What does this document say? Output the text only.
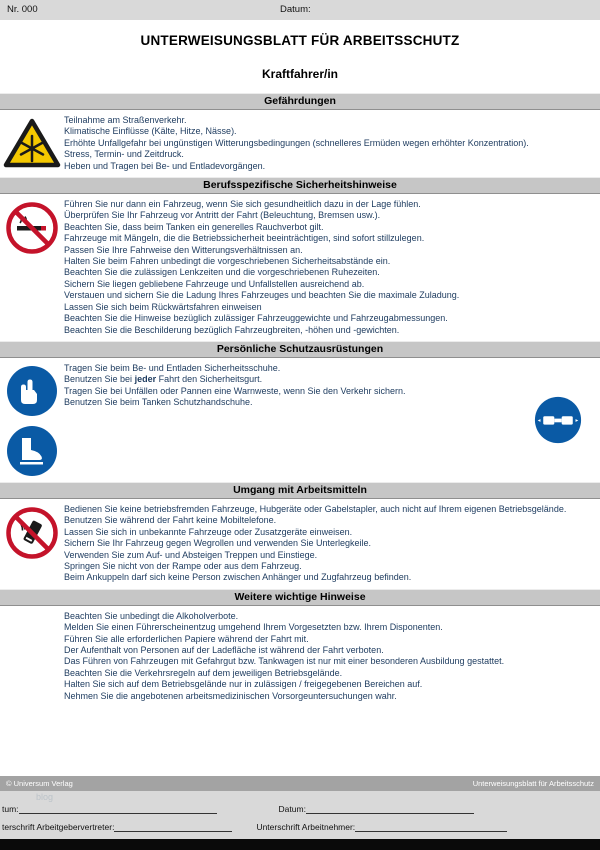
Nr. 000	Datum:
UNTERWEISUNGSBLATT FÜR ARBEITSSCHUTZ
Kraftfahrer/in
Gefährdungen
Teilnahme am Straßenverkehr.
Klimatische Einflüsse (Kälte, Hitze, Nässe).
Erhöhte Unfallgefahr bei ungünstigen Witterungsbedingungen (schnelleres Ermüden wegen erhöhter Konzentration).
Stress, Termin- und Zeitdruck.
Heben und Tragen bei Be- und Entladevorgängen.
Berufsspezifische Sicherheitshinweise
Führen Sie nur dann ein Fahrzeug, wenn Sie sich gesundheitlich dazu in der Lage fühlen.
Überprüfen Sie Ihr Fahrzeug vor Antritt der Fahrt (Beleuchtung, Bremsen usw.).
Beachten Sie, dass beim Tanken ein generelles Rauchverbot gilt.
Fahrzeuge mit Mängeln, die die Betriebssicherheit beeinträchtigen, sind sofort stillzulegen.
Passen Sie Ihre Fahrweise den Witterungsverhältnissen an.
Halten Sie beim Fahren unbedingt die vorgeschriebenen Sicherheitsabstände ein.
Beachten Sie die zulässigen Lenkzeiten und die vorgeschriebenen Ruhezeiten.
Sichern Sie liegen gebliebene Fahrzeuge und Unfallstellen ausreichend ab.
Verstauen und sichern Sie die Ladung Ihres Fahrzeuges und beachten Sie die maximale Zuladung.
Lassen Sie sich beim Rückwärtsfahren einweisen
Beachten Sie die Hinweise bezüglich zulässiger Fahrzeuggewichte und Fahrzeugabmessungen.
Beachten Sie die Beschilderung bezüglich Fahrzeugbreiten, -höhen und -gewichten.
Persönliche Schutzausrüstungen
Tragen Sie beim Be- und Entladen Sicherheitsschuhe.
Benutzen Sie bei jeder Fahrt den Sicherheitsgurt.
Tragen Sie bei Unfällen oder Pannen eine Warnweste, wenn Sie den Verkehr sichern.
Benutzen Sie beim Tanken Schutzhandschuhe.
Umgang mit Arbeitsmitteln
Bedienen Sie keine betriebsfremden Fahrzeuge, Hubgeräte oder Gabelstapler, auch nicht auf Ihrem eigenen Betriebsgelände.
Benutzen Sie während der Fahrt keine Mobiltelefone.
Lassen Sie sich in unbekannte Fahrzeuge oder Zusatzgeräte einweisen.
Sichern Sie Ihr Fahrzeug gegen Wegrollen und verwenden Sie Unterlegkeile.
Verwenden Sie zum Auf- und Absteigen Treppen und Einstiege.
Springen Sie nicht von der Rampe oder aus dem Fahrzeug.
Beim Ankuppeln darf sich keine Person zwischen Anhänger und Zugfahrzeug befinden.
Weitere wichtige Hinweise
Beachten Sie unbedingt die Alkoholverbote.
Melden Sie einen Führerscheinentzug umgehend Ihrem Vorgesetzten bzw. Ihrem Disponenten.
Führen Sie alle erforderlichen Papiere während der Fahrt mit.
Der Aufenthalt von Personen auf der Ladefläche ist während der Fahrt verboten.
Das Führen von Fahrzeugen mit Gefahrgut bzw. Tankwagen ist nur mit einer besonderen Ausbildung gestattet.
Beachten Sie die Verkehrsregeln auf dem jeweiligen Betriebsgelände.
Halten Sie sich auf dem Betriebsgelände nur in zulässigen / freigegebenen Bereichen auf.
Nehmen Sie die angebotenen arbeitsmedizinischen Vorsorgeuntersuchungen wahr.
© Universum Verlag	Unterweisungsblatt für Arbeitsschutz
blog
tum:	Datum:
terschrift Arbeitgebervertreter:	Unterschrift Arbeitnehmer:
